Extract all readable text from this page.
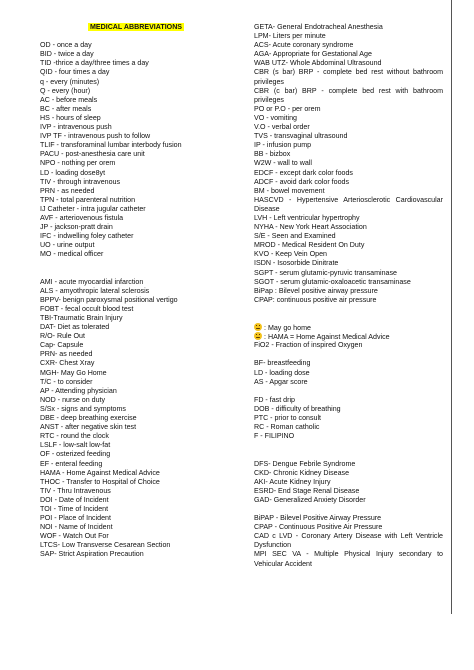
MEDICAL ABBREVIATIONS
OD - once a day
BID - twice a day
TID -thrice a day/three times a day
QID - four times a day
q - every (minutes)
Q - every (hour)
AC - before meals
BC - after meals
HS - hours of sleep
IVP - intravenous push
IVP TF - intravenous push to follow
TLIF - transforaminal lumbar interbody fusion
PACU - post-anesthesia care unit
NPO - nothing per orem
LD - loading dose8yt
TIV - through intravenous
PRN - as needed
TPN - total parenteral nutrition
IJ Catheter - intra jugular catheter
AVF - arteriovenous fistula
JP - jackson-pratt drain
IFC - indwelling foley catheter
UO - urine output
MO - medical officer
AMI - acute myocardial infarction
ALS - amyothropic lateral sclerosis
BPPV- benign paroxysmal positional vertigo
FOBT - fecal occult blood test
TBI-Traumatic Brain Injury
DAT- Diet as tolerated
R/O- Rule Out
Cap- Capsule
PRN- as needed
CXR- Chest Xray
MGH- May Go Home
T/C - to consider
AP - Attending physician
NOD - nurse on duty
S/Sx - signs and symptoms
DBE - deep breathing exercise
ANST - after negative skin test
RTC - round the clock
LSLF - low-salt low-fat
OF - osterized feeding
EF - enteral feeding
HAMA - Home Against Medical Advice
THOC - Transfer to Hospital of Choice
TIV - Thru Intravenous
DOI - Date of Incident
TOI - Time of Incident
POI - Place of Incident
NOI - Name of Incident
WOF - Watch Out For
LTCS- Low Transverse Cesarean Section
SAP- Strict Aspiration Precaution
GETA- General Endotracheal Anesthesia
LPM- Liters per minute
ACS- Acute coronary syndrome
AGA- Appropriate for Gestational Age
WAB UTZ- Whole Abdominal Ultrasound
CBR (s bar) BRP - complete bed rest without bathroom privileges
CBR (c bar) BRP - complete bed rest with bathroom privileges
PO or P.O - per orem
VO - vomiting
V.O - verbal order
TVS - transvaginal ultrasound
IP - infusion pump
BB - bizbox
W2W - wall to wall
EDCF - except dark color foods
ADCF - avoid dark color foods
BM - bowel movement
HASCVD - Hypertensive Arteriosclerotic Cardiovascular Disease
LVH - Left ventricular hypertrophy
NYHA - New York Heart Association
S/E - Seen and Examined
MROD - Medical Resident On Duty
KVO - Keep Vein Open
ISDN - Isosorbide Dinitrate
SGPT - serum glutamic-pyruvic transaminase
SGOT - serum glutamic-oxaloacetic transaminase
BiPap : Bilevel positive airway pressure
CPAP: continuous positive air pressure
: May go home
: HAMA = Home Against Medical Advice
FiO2 - Fraction of inspired Oxygen
BF- breastfeeding
LD - loading dose
AS - Apgar score
FD - fast drip
DOB - difficulty of breathing
PTC - prior to consult
RC - Roman catholic
F - FILIPINO
DFS- Dengue Febrile Syndrome
CKD- Chronic Kidney Disease
AKI- Acute Kidney Injury
ESRD- End Stage Renal Disease
GAD- Generalized Anxiety Disorder
BiPAP - Bilevel Positive Airway Pressure
CPAP - Continuous Positive Air Pressure
CAD c LVD - Coronary Artery Disease with Left Ventricle Dysfunction
MPI SEC VA - Multiple Physical Injury secondary to Vehicular Accident
